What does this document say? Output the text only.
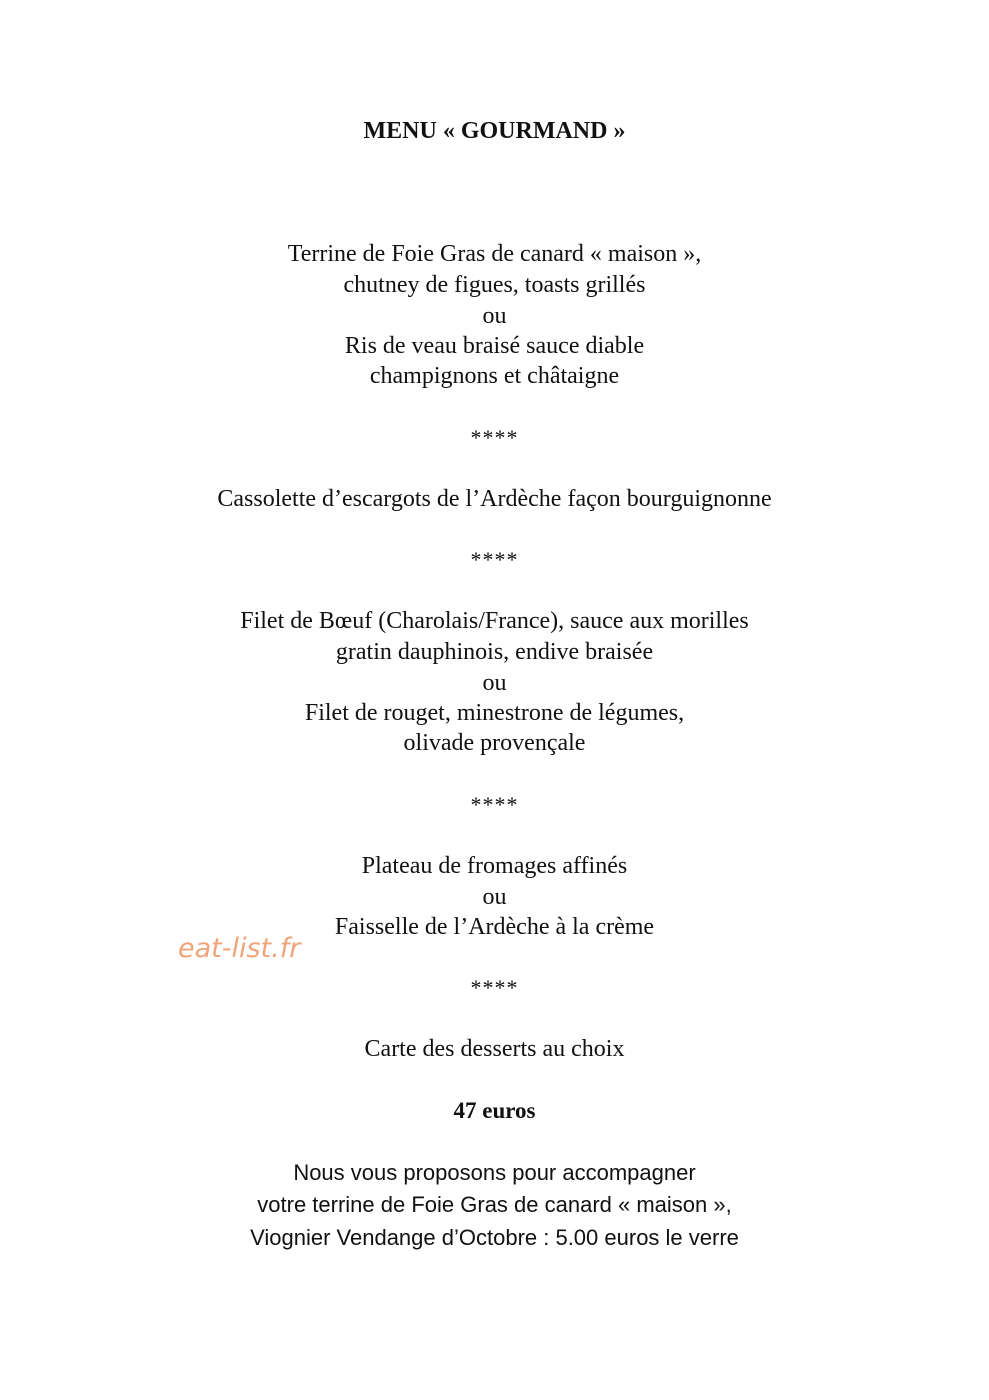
MENU « GOURMAND »
Terrine de Foie Gras de canard « maison »,
chutney de figues, toasts grillés
ou
Ris de veau braisé sauce diable
champignons et châtaigne
****
Cassolette d’escargots de l’Ardèche façon bourguignonne
****
Filet de Bœuf (Charolais/France), sauce aux morilles
gratin dauphinois, endive braisée
ou
Filet de rouget, minestrone de légumes,
olivade provençale
****
Plateau de fromages affinés
ou
Faisselle de l’Ardèche à la crème
****
Carte des desserts au choix
47 euros
Nous vous proposons pour accompagner
votre terrine de Foie Gras de canard « maison »,
Viognier Vendange d’Octobre : 5.00 euros le verre
eat-list.fr
